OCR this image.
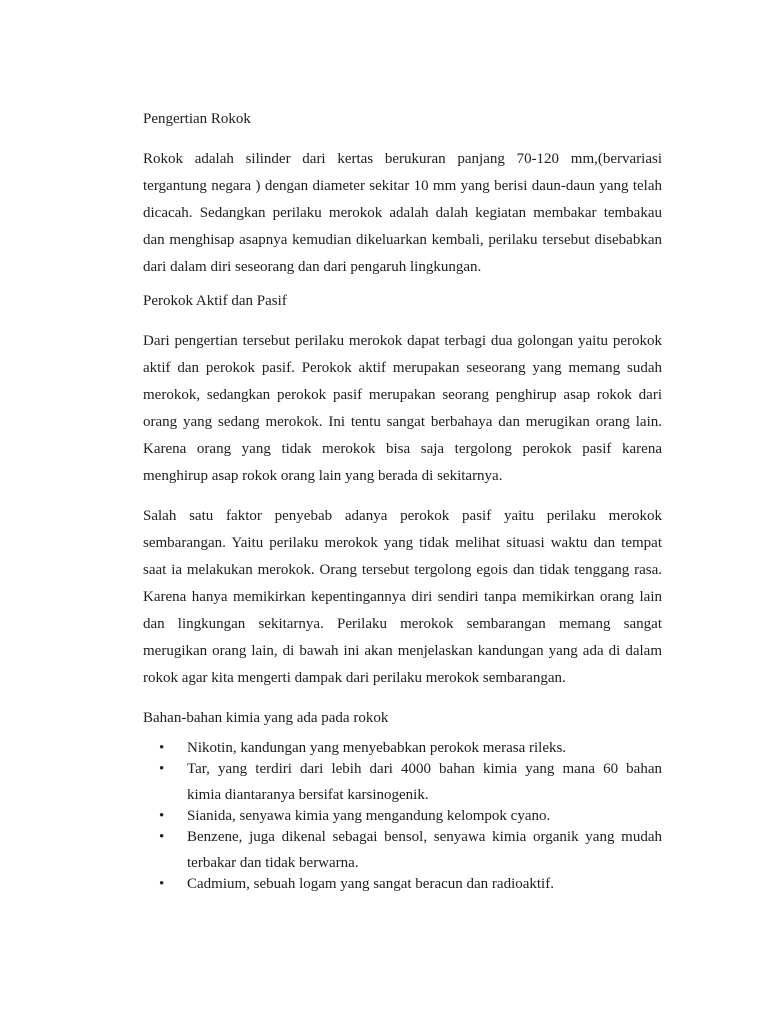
Pengertian Rokok
Rokok adalah silinder dari kertas berukuran panjang 70-120 mm,(bervariasi
tergantung negara ) dengan diameter sekitar 10 mm yang berisi daun-daun yang telah
dicacah. Sedangkan perilaku merokok adalah dalah kegiatan membakar tembakau
dan menghisap asapnya kemudian dikeluarkan kembali, perilaku tersebut disebabkan
dari dalam diri seseorang dan dari pengaruh lingkungan.
Perokok Aktif dan Pasif
Dari pengertian tersebut perilaku merokok dapat terbagi dua golongan yaitu perokok
aktif dan perokok pasif. Perokok aktif merupakan seseorang yang memang sudah
merokok, sedangkan perokok pasif merupakan seorang penghirup asap rokok dari
orang yang sedang merokok. Ini tentu sangat berbahaya dan merugikan orang lain.
Karena orang yang tidak merokok bisa saja tergolong perokok pasif karena
menghirup asap rokok orang lain yang berada di sekitarnya.
Salah satu faktor penyebab adanya perokok pasif yaitu perilaku merokok
sembarangan. Yaitu perilaku merokok yang tidak melihat situasi waktu dan tempat
saat ia melakukan merokok. Orang tersebut tergolong egois dan tidak tenggang rasa.
Karena hanya memikirkan kepentingannya diri sendiri tanpa memikirkan orang lain
dan lingkungan sekitarnya. Perilaku merokok sembarangan memang sangat
merugikan orang lain, di bawah ini akan menjelaskan kandungan yang ada di dalam
rokok agar kita mengerti dampak dari perilaku merokok sembarangan.
Bahan-bahan kimia yang ada pada rokok
• Nikotin, kandungan yang menyebabkan perokok merasa rileks.
• Tar, yang terdiri dari lebih dari 4000 bahan kimia yang mana 60 bahan
kimia diantaranya bersifat karsinogenik.
• Sianida, senyawa kimia yang mengandung kelompok cyano.
• Benzene, juga dikenal sebagai bensol, senyawa kimia organik yang mudah
terbakar dan tidak berwarna.
• Cadmium, sebuah logam yang sangat beracun dan radioaktif.
